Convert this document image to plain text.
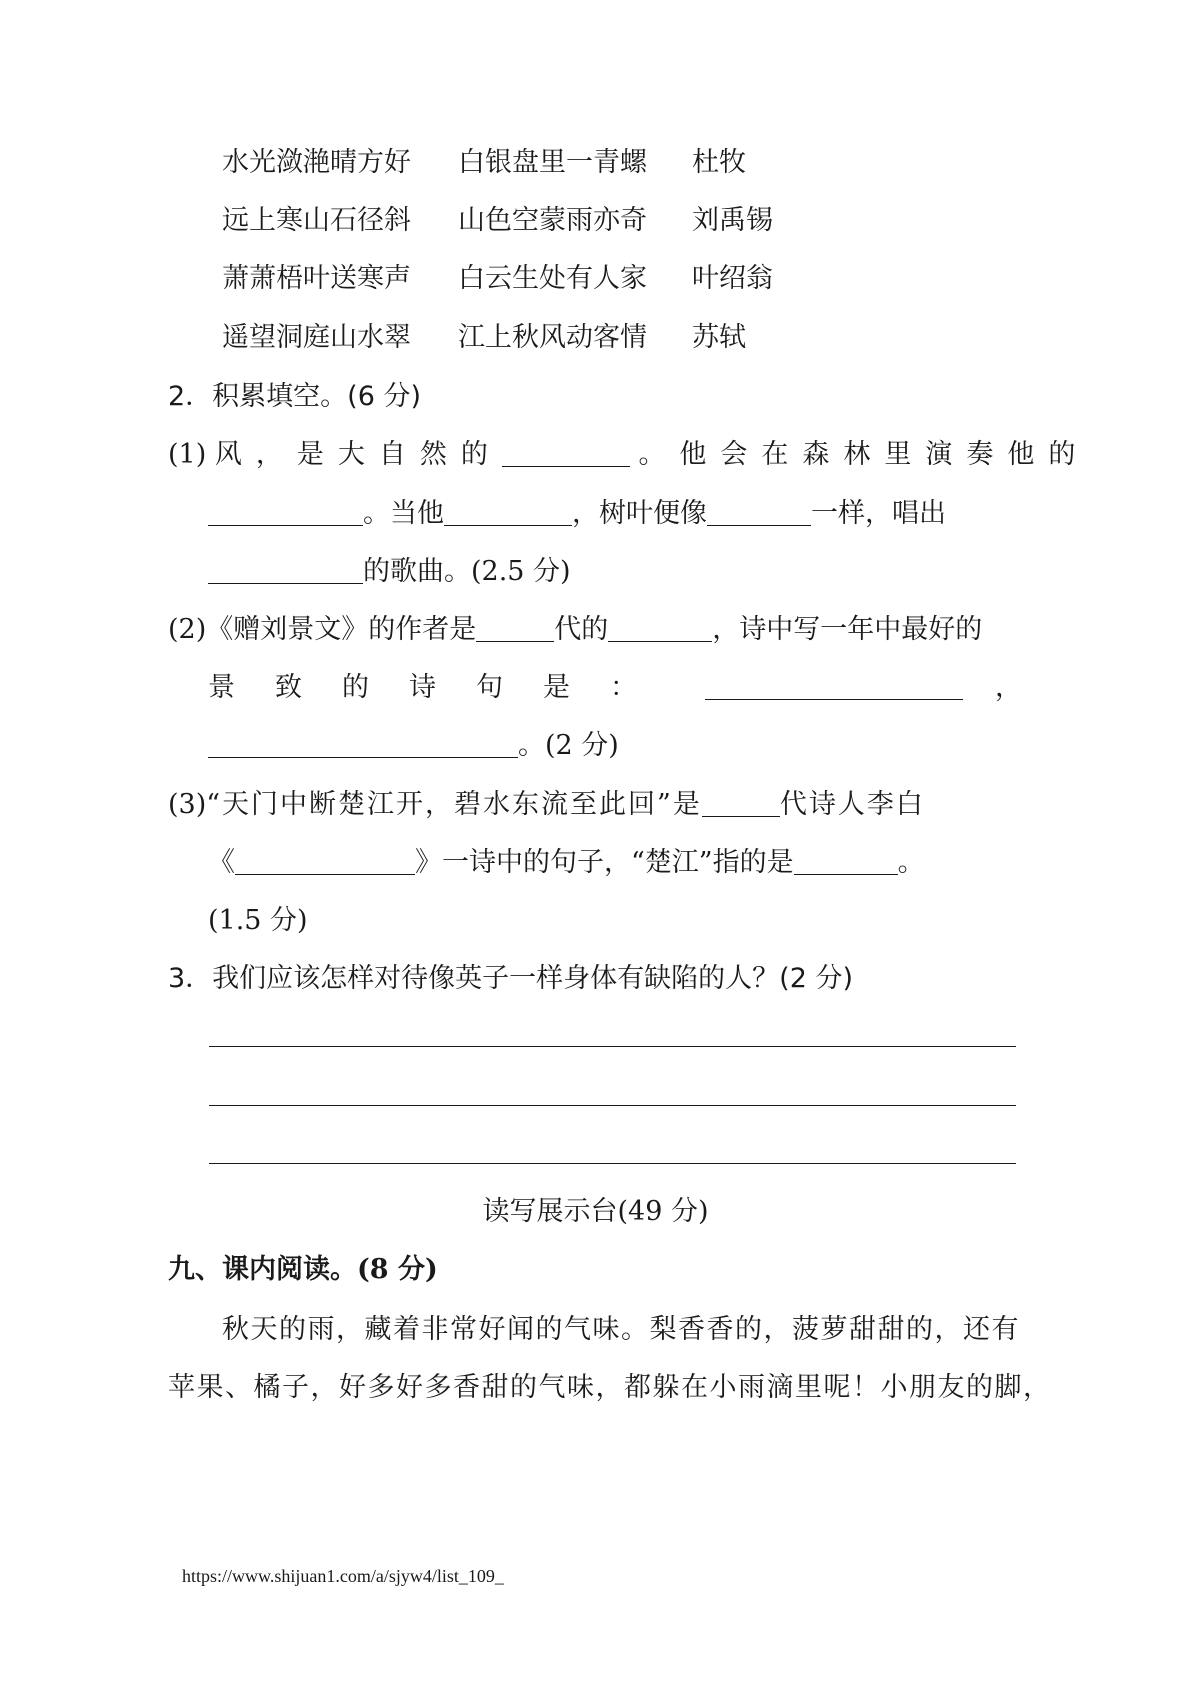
水光潋滟晴方好 白银盘里一青螺 杜牧
远上寒山石径斜 山色空蒙雨亦奇 刘禹锡
萧萧梧叶送寒声 白云生处有人家 叶绍翁
遥望洞庭山水翠 江上秋风动客情 苏轼
2．积累填空。(6 分)
(1) 风，是大自然的	。他会在森林里演奏他的
。当他	，树叶便像	一样，唱出
的歌曲。(2.5 分)
(2)《赠刘景文》的作者是	代的	，诗中写一年中最好的
景致的诗句是：	，
。(2 分)
(3)“天门中断楚江开，碧水东流至此回”是	代诗人李白
《	》一诗中的句子，“楚江”指的是	。
(1.5 分)
3．我们应该怎样对待像英子一样身体有缺陷的人？(2 分)
读写展示台(49 分)
九、课内阅读。(8 分)
秋天的雨，藏着非常好闻的气味。梨香香的，菠萝甜甜的，还有
苹果、橘子，好多好多香甜的气味，都躲在小雨滴里呢！小朋友的脚，
https://www.shijuan1.com/a/sjyw4/list_109_
